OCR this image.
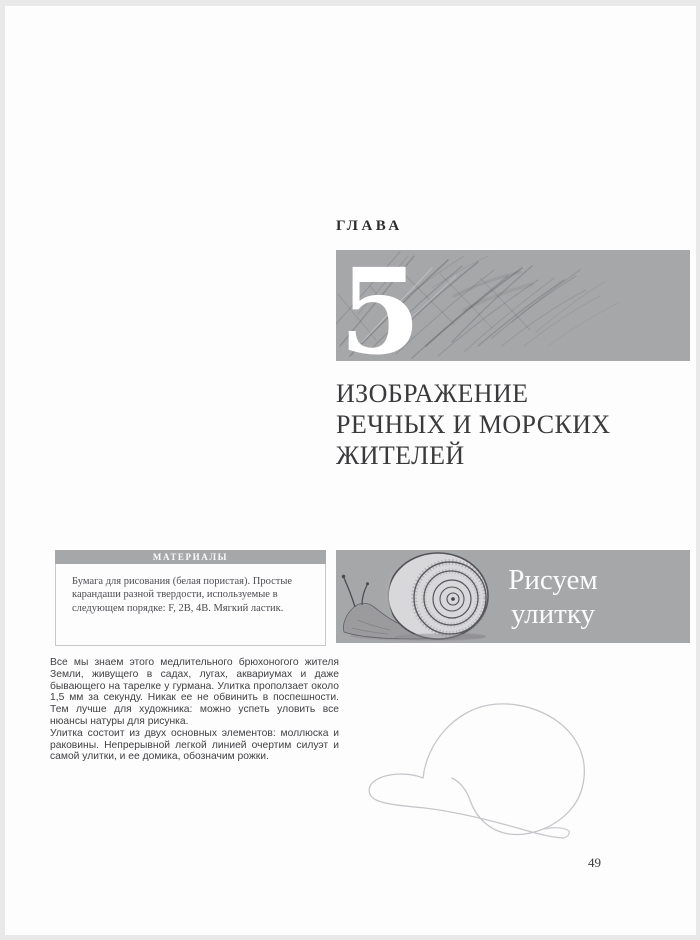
ГЛАВА
5
ИЗОБРАЖЕНИЕ
РЕЧНЫХ И МОРСКИХ
ЖИТЕЛЕЙ
МАТЕРИАЛЫ
Бумага для рисования (белая пористая). Простые карандаши разной твердости, используемые в следующем порядке: F, 2B, 4B. Мягкий ластик.
Рисуем
улитку

Все мы знаем этого медлительного брюхоногого жителя Земли, живущего в садах, лугах, аквариумах и даже бывающего на тарелке у гурмана. Улитка проползает около 1,5 мм за секунду. Никак ее не обвинить в поспешности. Тем лучше для художника: можно успеть уловить все нюансы натуры для рисунка.

Улитка состоит из двух основных элементов: моллюска и раковины. Непрерывной легкой линией очертим силуэт и самой улитки, и ее домика, обозначим рожки.

49
